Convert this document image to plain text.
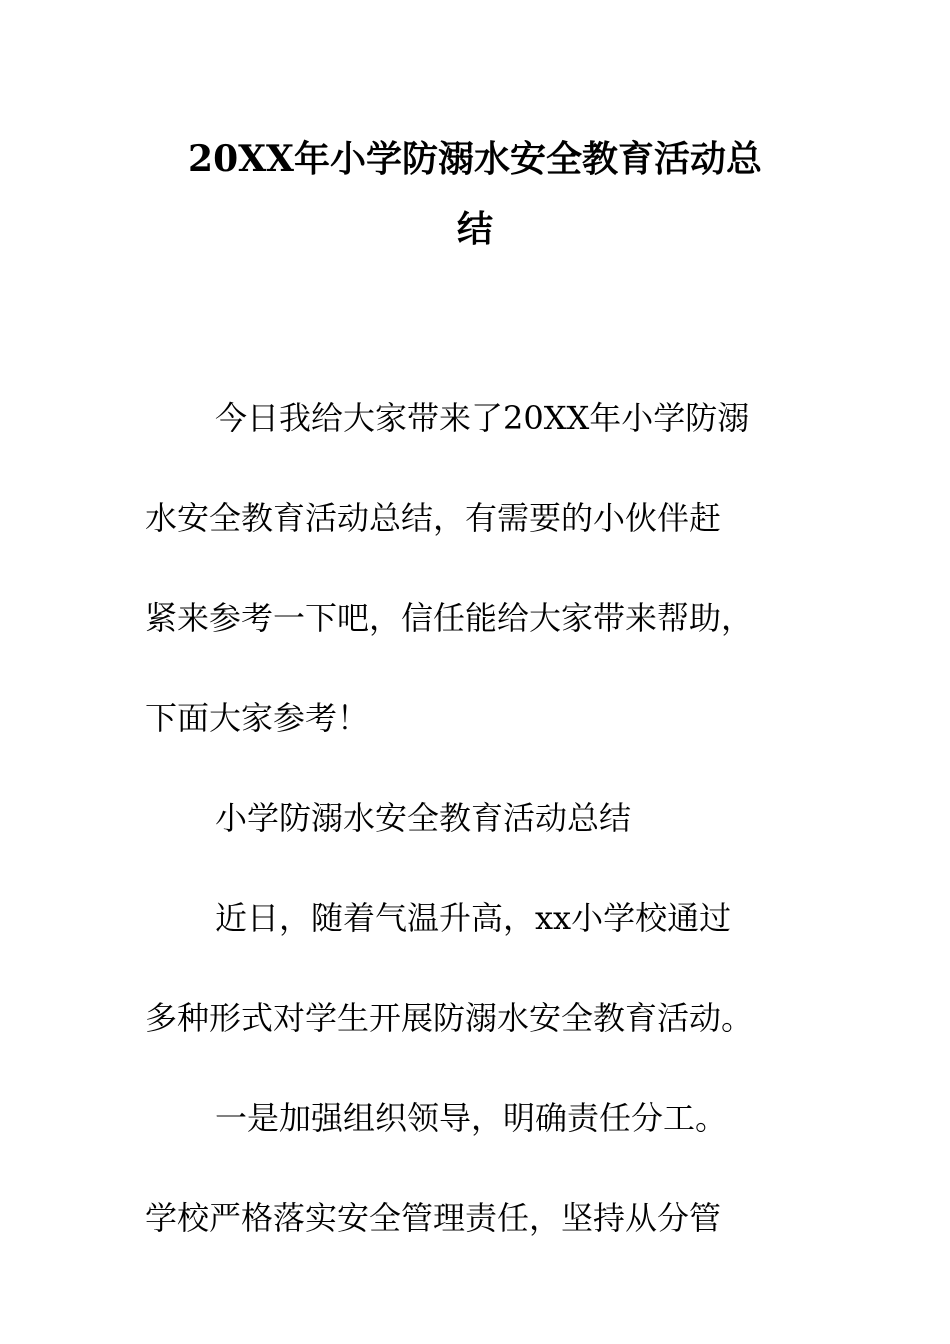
20XX年小学防溺水安全教育活动总
结
今日我给大家带来了20XX年小学防溺
水安全教育活动总结，有需要的小伙伴赶
紧来参考一下吧，信任能给大家带来帮助，
下面大家参考！
小学防溺水安全教育活动总结
近日，随着气温升高，xx小学校通过
多种形式对学生开展防溺水安全教育活动。
一是加强组织领导，明确责任分工。
学校严格落实安全管理责任，坚持从分管
